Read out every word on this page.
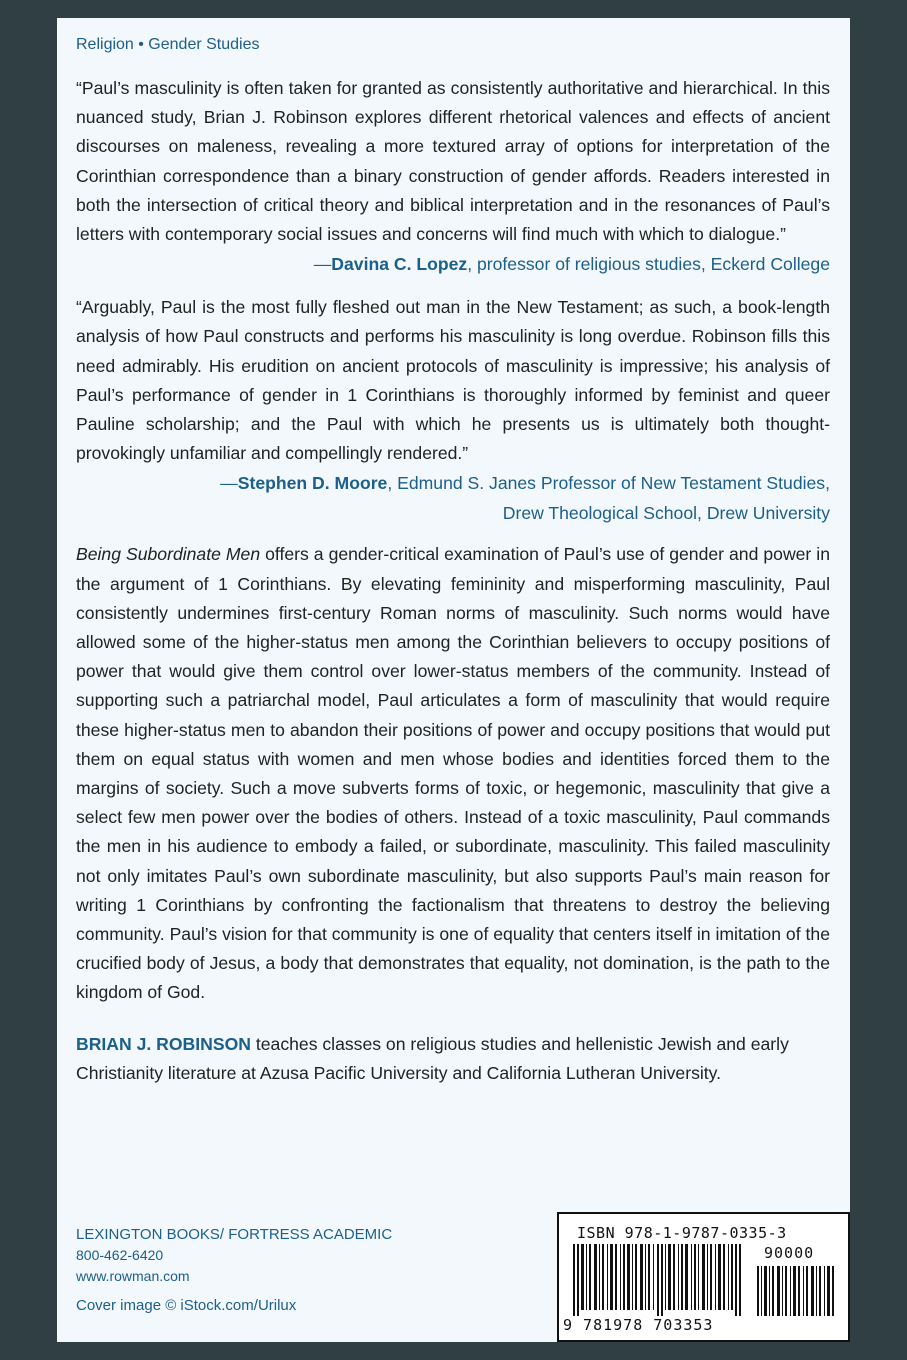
Religion • Gender Studies
“Paul’s masculinity is often taken for granted as consistently authoritative and hierarchical. In this nuanced study, Brian J. Robinson explores different rhetorical valences and effects of ancient discourses on maleness, revealing a more textured array of options for interpretation of the Corinthian correspondence than a binary construction of gender affords. Readers interested in both the intersection of critical theory and biblical interpretation and in the resonances of Paul’s letters with contemporary social issues and concerns will find much with which to dialogue.”
—Davina C. Lopez, professor of religious studies, Eckerd College
“Arguably, Paul is the most fully fleshed out man in the New Testament; as such, a book-length analysis of how Paul constructs and performs his masculinity is long overdue. Robinson fills this need admirably. His erudition on ancient protocols of masculinity is impressive; his analysis of Paul’s performance of gender in 1 Corinthians is thoroughly informed by feminist and queer Pauline scholarship; and the Paul with which he presents us is ultimately both thought-provokingly unfamiliar and compellingly rendered.”
—Stephen D. Moore, Edmund S. Janes Professor of New Testament Studies,
Drew Theological School, Drew University
Being Subordinate Men offers a gender-critical examination of Paul’s use of gender and power in the argument of 1 Corinthians. By elevating femininity and misperforming masculinity, Paul consistently undermines first-century Roman norms of masculinity. Such norms would have allowed some of the higher-status men among the Corinthian believers to occupy positions of power that would give them control over lower-status members of the community. Instead of supporting such a patriarchal model, Paul articulates a form of masculinity that would require these higher-status men to abandon their positions of power and occupy positions that would put them on equal status with women and men whose bodies and identities forced them to the margins of society. Such a move subverts forms of toxic, or hegemonic, masculinity that give a select few men power over the bodies of others. Instead of a toxic masculinity, Paul commands the men in his audience to embody a failed, or subordinate, masculinity. This failed masculinity not only imitates Paul’s own subordinate masculinity, but also supports Paul’s main reason for writing 1 Corinthians by confronting the factionalism that threatens to destroy the believing community. Paul’s vision for that community is one of equality that centers itself in imitation of the crucified body of Jesus, a body that demonstrates that equality, not domination, is the path to the kingdom of God.
BRIAN J. ROBINSON teaches classes on religious studies and hellenistic Jewish and early Christianity literature at Azusa Pacific University and California Lutheran University.
LEXINGTON BOOKS/ FORTRESS ACADEMIC
800-462-6420
www.rowman.com
Cover image © iStock.com/Urilux
ISBN 978-1-9787-0335-3
90000
9 781978 703353
